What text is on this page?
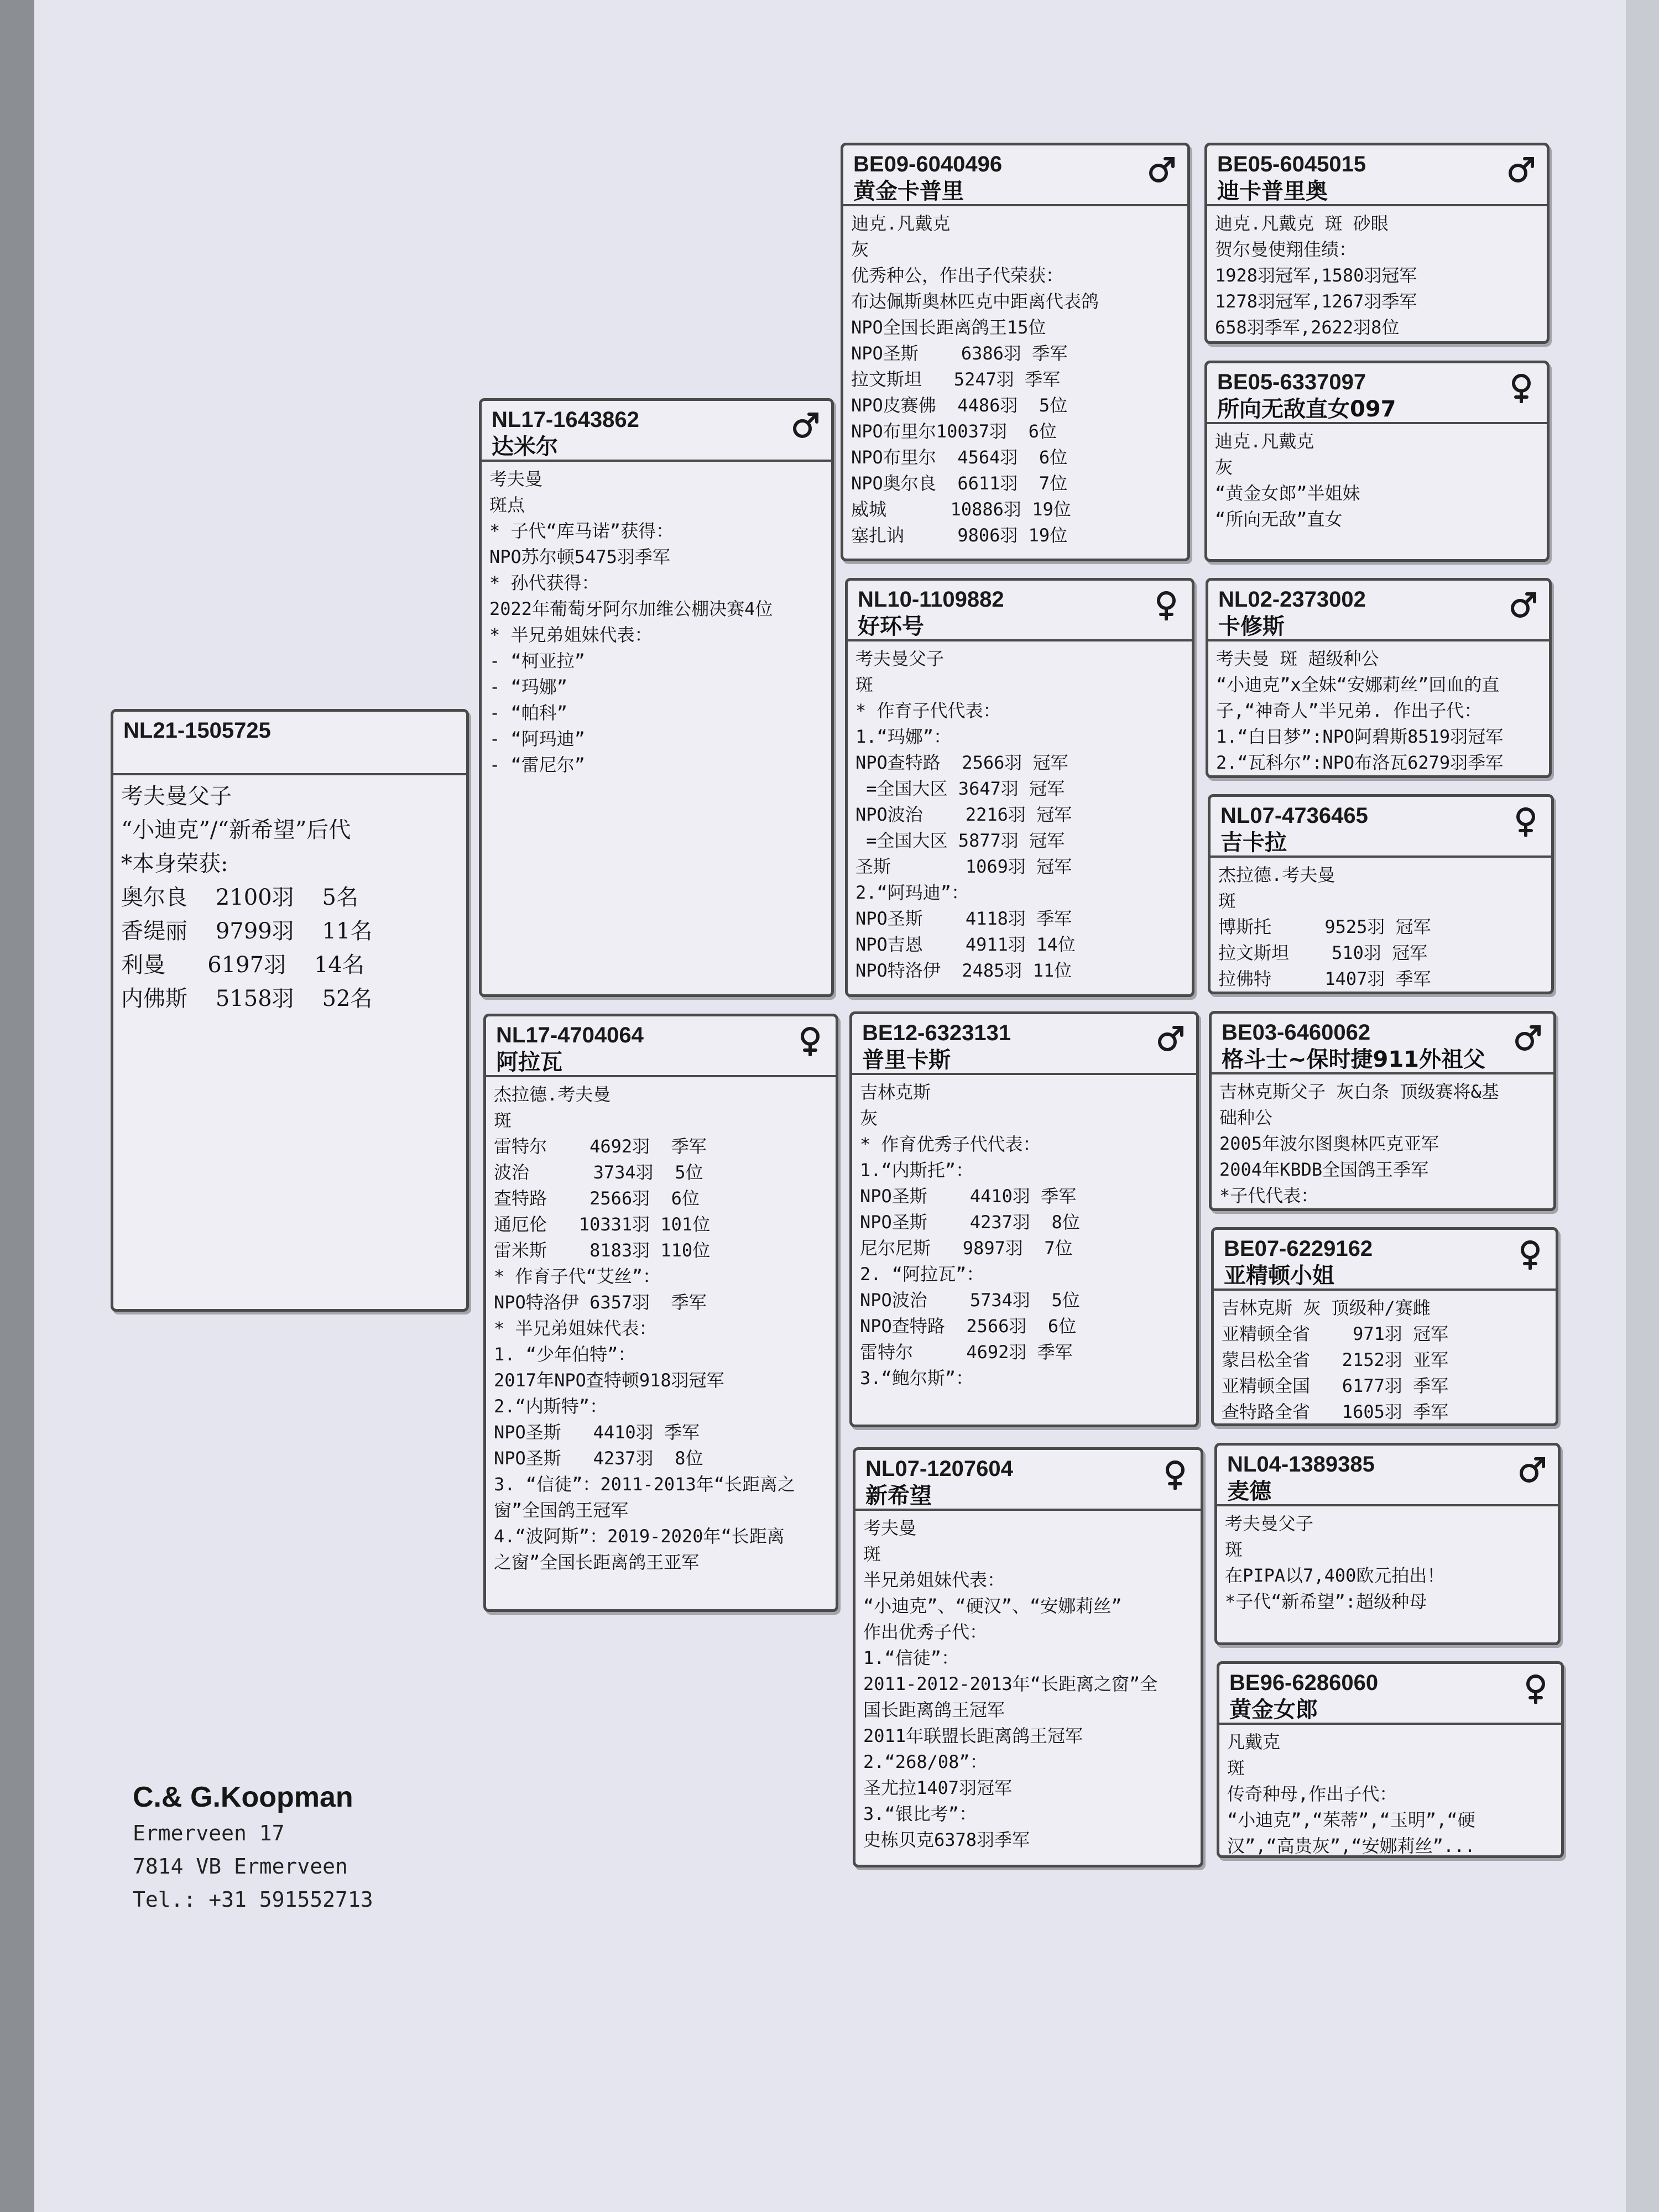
NL21-1505725
考夫曼父子
“小迪克”/“新希望”后代
*本身荣获:
奥尔良    2100羽    5名
香缇丽    9799羽    11名
利曼      6197羽    14名
内佛斯    5158羽    52名
NL17-1643862
达米尔
考夫曼
斑点
* 子代“库马诺”获得：
NPO苏尔顿5475羽季军
* 孙代获得：
2022年葡萄牙阿尔加维公棚决赛4位
* 半兄弟姐妹代表：
- “柯亚拉”
- “玛娜”
- “帕科”
- “阿玛迪”
- “雷尼尔”
NL17-4704064
阿拉瓦
杰拉德.考夫曼
斑
雷特尔    4692羽  季军
波治      3734羽  5位
查特路    2566羽  6位
通厄伦   10331羽 101位
雷米斯    8183羽 110位
* 作育子代“艾丝”：
NPO特洛伊 6357羽  季军
* 半兄弟姐妹代表：
1. “少年伯特”：
2017年NPO查特顿918羽冠军
2.“内斯特”：
NPO圣斯   4410羽 季军
NPO圣斯   4237羽  8位
3. “信徒”：2011-2013年“长距离之
窗”全国鸽王冠军
4.“波阿斯”：2019-2020年“长距离
之窗”全国长距离鸽王亚军
BE09-6040496
黄金卡普里
迪克.凡戴克
灰
优秀种公，作出子代荣获：
布达佩斯奥林匹克中距离代表鸽
NPO全国长距离鸽王15位
NPO圣斯    6386羽 季军
拉文斯坦   5247羽 季军
NPO皮赛佛  4486羽  5位
NPO布里尔10037羽  6位
NPO布里尔  4564羽  6位
NPO奥尔良  6611羽  7位
威城      10886羽 19位
塞扎讷     9806羽 19位
NL10-1109882
好环号
考夫曼父子
斑
* 作育子代代表：
1.“玛娜”：
NPO查特路  2566羽 冠军
=全国大区 3647羽 冠军
NPO波治    2216羽 冠军
=全国大区 5877羽 冠军
圣斯       1069羽 冠军
2.“阿玛迪”：
NPO圣斯    4118羽 季军
NPO吉恩    4911羽 14位
NPO特洛伊  2485羽 11位
BE12-6323131
普里卡斯
吉林克斯
灰
* 作育优秀子代代表：
1.“内斯托”：
NPO圣斯    4410羽 季军
NPO圣斯    4237羽  8位
尼尔尼斯   9897羽  7位
2. “阿拉瓦”：
NPO波治    5734羽  5位
NPO查特路  2566羽  6位
雷特尔     4692羽 季军
3.“鲍尔斯”：
NL07-1207604
新希望
考夫曼
斑
半兄弟姐妹代表：
“小迪克”、“硬汉”、“安娜莉丝”
作出优秀子代：
1.“信徒”：
2011-2012-2013年“长距离之窗”全
国长距离鸽王冠军
2011年联盟长距离鸽王冠军
2.“268/08”：
圣尤拉1407羽冠军
3.“银比考”：
史栋贝克6378羽季军
BE05-6045015
迪卡普里奥
迪克.凡戴克 斑 砂眼
贺尔曼使翔佳绩：
1928羽冠军,1580羽冠军
1278羽冠军,1267羽季军
658羽季军,2622羽8位
BE05-6337097
所向无敌直女097
迪克.凡戴克
灰
“黄金女郎”半姐妹
“所向无敌”直女
NL02-2373002
卡修斯
考夫曼 斑 超级种公
“小迪克”x全妹“安娜莉丝”回血的直
子,“神奇人”半兄弟. 作出子代：
1.“白日梦”:NPO阿碧斯8519羽冠军
2.“瓦科尔”:NPO布洛瓦6279羽季军
NL07-4736465
吉卡拉
杰拉德.考夫曼
斑
博斯托     9525羽 冠军
拉文斯坦    510羽 冠军
拉佛特     1407羽 季军
BE03-6460062
格斗士~保时捷911外祖父
吉林克斯父子 灰白条 顶级赛将&基
础种公
2005年波尔图奥林匹克亚军
2004年KBDB全国鸽王季军
*子代代表：
BE07-6229162
亚精顿小姐
吉林克斯 灰 顶级种/赛雌
亚精顿全省    971羽 冠军
蒙吕松全省   2152羽 亚军
亚精顿全国   6177羽 季军
查特路全省   1605羽 季军
NL04-1389385
麦德
考夫曼父子
斑
在PIPA以7,400欧元拍出！
*子代“新希望”:超级种母
BE96-6286060
黄金女郎
凡戴克
斑
传奇种母,作出子代：
“小迪克”,“茱蒂”,“玉明”,“硬
汉”,“高贵灰”,“安娜莉丝”...
C.& G.Koopman
Ermerveen 17
7814 VB Ermerveen
Tel.: +31 591552713
